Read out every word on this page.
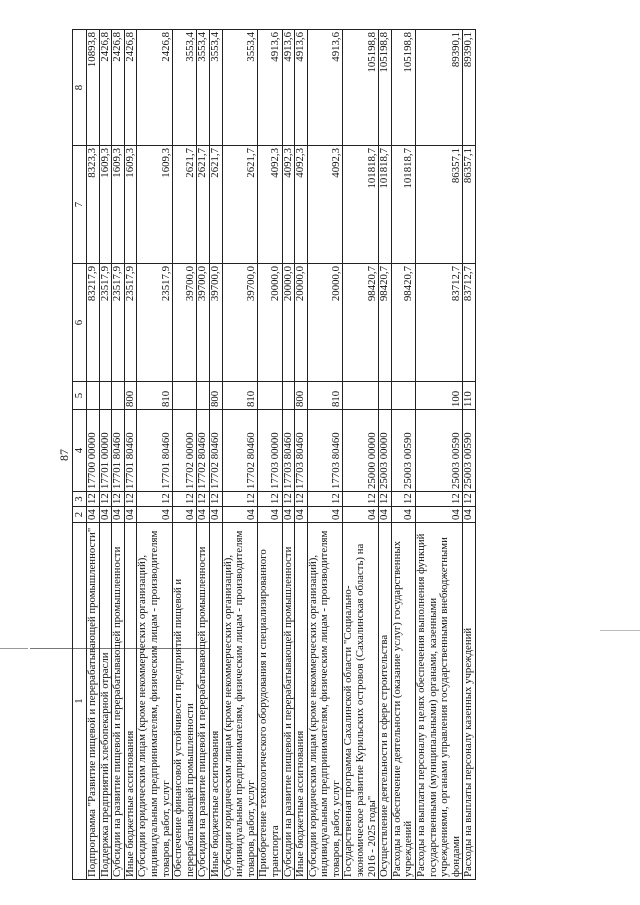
87
1	2	3	4	5	6	7	8
Подпрограмма "Развитие пищевой и перерабатывающей промышленности"	04	12	17700 00000		83217,9	8323,3	10893,8
Поддержка предприятий хлебопекарной отрасли	04	12	17701 00000		23517,9	1609,3	2426,8
Субсидии на развитие пищевой и перерабатывающей промышленности	04	12	17701 80460		23517,9	1609,3	2426,8
Иные бюджетные ассигнования	04	12	17701 80460	800	23517,9	1609,3	2426,8
Субсидии юридическим лицам (кроме некоммерческих организаций), индивидуальным предпринимателям, физическим лицам - производителям товаров, работ, услуг	04	12	17701 80460	810	23517,9	1609,3	2426,8
Обеспечение финансовой устойчивости предприятий пищевой и перерабатывающей промышленности	04	12	17702 00000		39700,0	2621,7	3553,4
Субсидии на развитие пищевой и перерабатывающей промышленности	04	12	17702 80460		39700,0	2621,7	3553,4
Иные бюджетные ассигнования	04	12	17702 80460	800	39700,0	2621,7	3553,4
Субсидии юридическим лицам (кроме некоммерческих организаций), индивидуальным предпринимателям, физическим лицам - производителям товаров, работ, услуг	04	12	17702 80460	810	39700,0	2621,7	3553,4
Приобретение технологического оборудования и специализированного транспорта	04	12	17703 00000		20000,0	4092,3	4913,6
Субсидии на развитие пищевой и перерабатывающей промышленности	04	12	17703 80460		20000,0	4092,3	4913,6
Иные бюджетные ассигнования	04	12	17703 80460	800	20000,0	4092,3	4913,6
Субсидии юридическим лицам (кроме некоммерческих организаций), индивидуальным предпринимателям, физическим лицам - производителям товаров, работ, услуг	04	12	17703 80460	810	20000,0	4092,3	4913,6
Государственная программа Сахалинской области "Социально-экономическое развитие Курильских островов (Сахалинская область) на 2016 - 2025 годы"	04	12	25000 00000		98420,7	101818,7	105198,8
Осуществление деятельности в сфере строительства	04	12	25003 00000		98420,7	101818,7	105198,8
Расходы на обеспечение деятельности (оказание услуг) государственных учреждений	04	12	25003 00590		98420,7	101818,7	105198,8
Расходы на выплаты персоналу в целях обеспечения выполнения функций государственными (муниципальными) органами, казенными учреждениями, органами управления государственными внебюджетными фондами	04	12	25003 00590	100	83712,7	86357,1	89390,1
Расходы на выплаты персоналу казенных учреждений	04	12	25003 00590	110	83712,7	86357,1	89390,1
